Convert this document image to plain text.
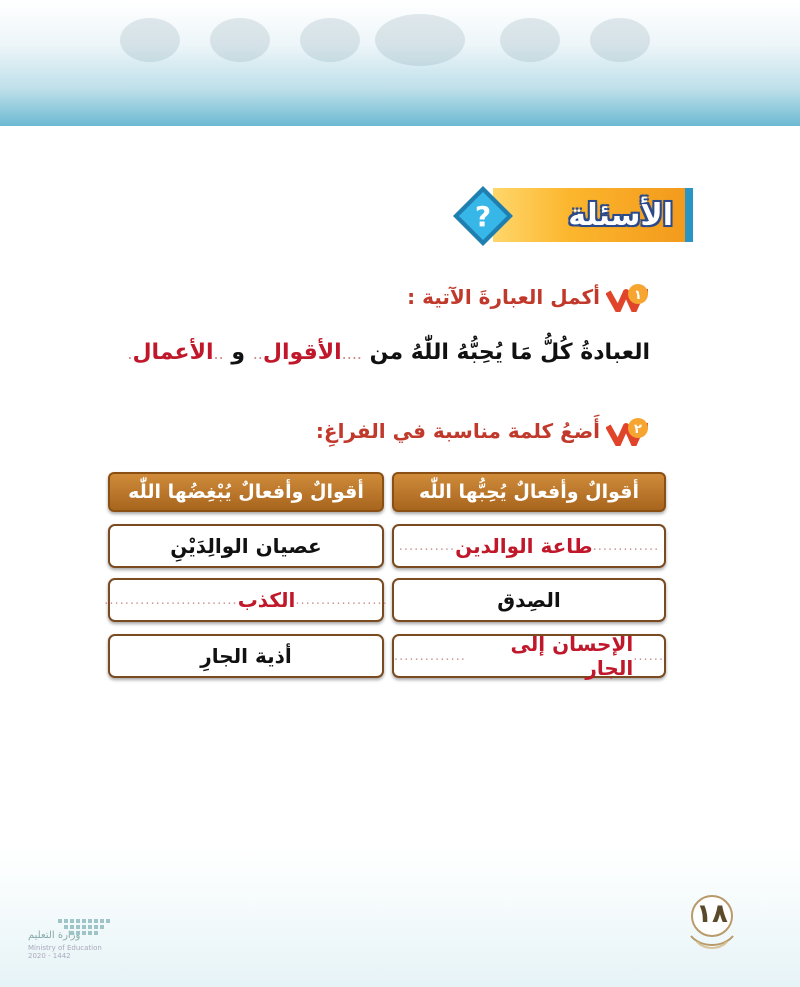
الأسئلة
?
١
أكمل العبارةَ الآتية :
العبادةُ كُلُّ مَا يُحِبُّهُ اللّٰهُ من ....الأقوال.. و ..الأعمال.
٢
أَضعُ كلمة مناسبة في الفراغِ:
أقوالٌ وأفعالٌ يُحِبُّها اللّٰه
أقوالٌ وأفعالٌ يُبْغِضُها اللّٰه
.............
طاعة الوالدين
...........
عصيان الوالِدَيْنِ
الصِدق
..................
الكذب
..........................
......
الإحسان إلى الجار
..............
أذية الجارِ
١٨
وزارة التعليم
Ministry of Education
2020 - 1442
